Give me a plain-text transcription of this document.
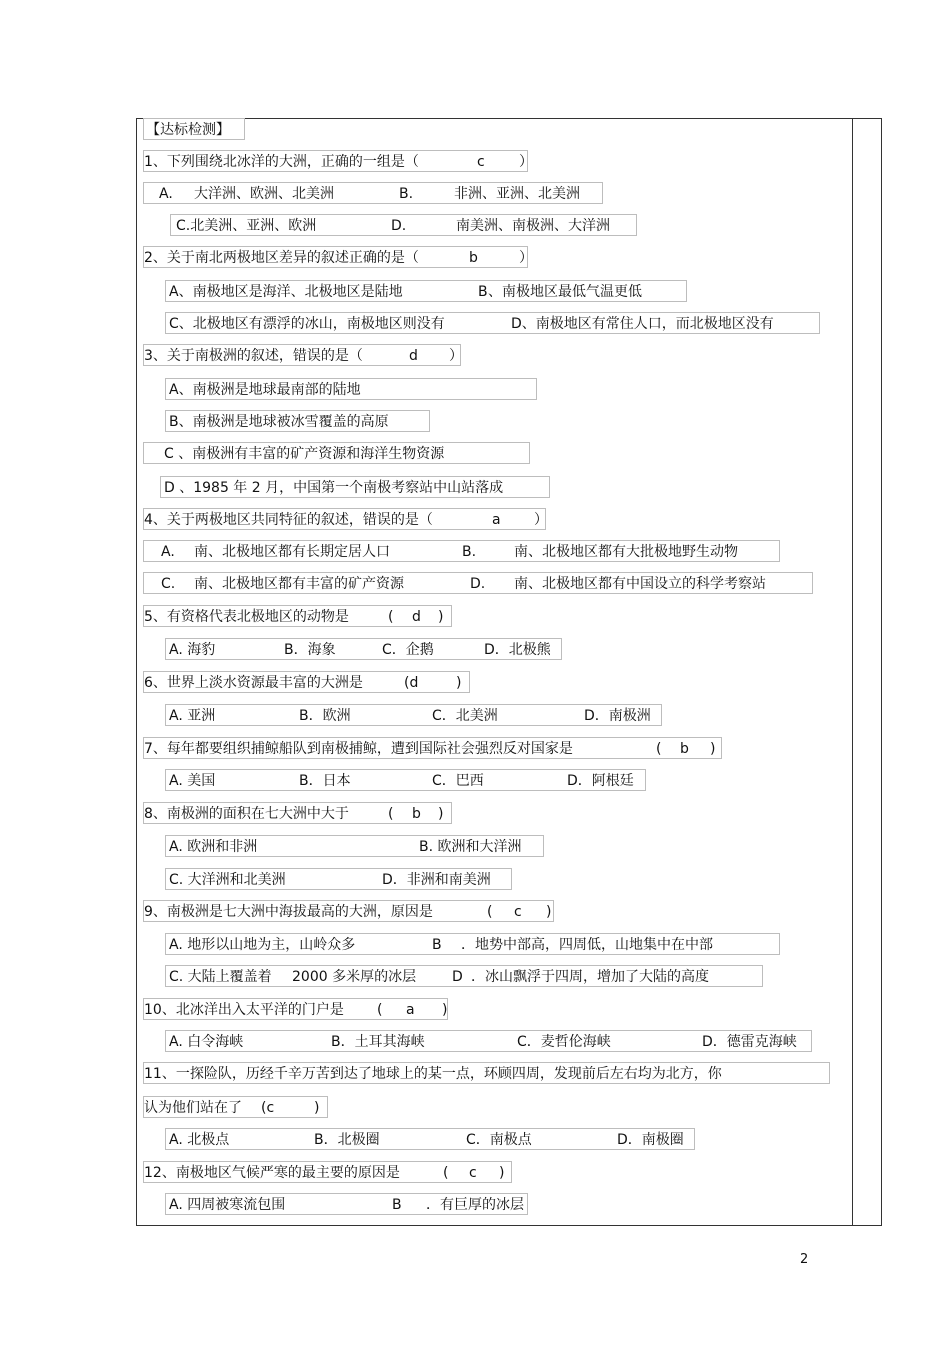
【达标检测】
1、下列围绕北冰洋的大洲，正确的一组是（	c ）
A. 大洋洲、欧洲、北美洲	B.	非洲、亚洲、北美洲
C.北美洲、亚洲、欧洲	D.	南美洲、南极洲、大洋洲
2、关于南北两极地区差异的叙述正确的是（	b	）
A、南极地区是海洋、北极地区是陆地	B 、南极地区最低气温更低
C、北极地区有漂浮的冰山，南极地区则没有	D、南极地区有常住人口，而北极地区没有
3、关于南极洲的叙述，错误的是（	d ）
A、南极洲是地球最南部的陆地
B、南极洲是地球被冰雪覆盖的高原
C 、南极洲有丰富的矿产资源和海洋生物资源
D 、1985 年 2 月，中国第一个南极考察站中山站落成
4、关于两极地区共同特征的叙述，错误的是（	a ）
A. 南、北极地区都有长期定居人口	B.	南、北极地区都有大批极地野生动物
C. 南、北极地区都有丰富的矿产资源	D. 南、北极地区都有中国设立的科学考察站
5、有资格代表北极地区的动物是	( d )
A. 海豹	B．海象	C．企鹅	D．北极熊
6、世界上淡水资源最丰富的大洲是	(d	)
A. 亚洲	B．欧洲	C．北美洲	D．南极洲
7、每年都要组织捕鲸船队到南极捕鲸，遭到国际社会强烈反对国家是	( b )
A. 美国	B．日本	C．巴西	D．阿根廷
8、南极洲的面积在七大洲中大于	( b )
A. 欧洲和非洲	B. 欧洲和大洋洲
C. 大洋洲和北美洲	D．非洲和南美洲
9、南极洲是七大洲中海拔最高的大洲，原因是	( c )
A. 地形以山地为主，山岭众多	B ．地势中部高，四周低，山地集中在中部
C. 大陆上覆盖着 2000 多米厚的冰层	D ．冰山飘浮于四周，增加了大陆的高度
10、北冰洋出入太平洋的门户是 ( a )
A. 白令海峡	B．土耳其海峡	C．麦哲伦海峡	D．德雷克海峡
11、一探险队，历经千辛万苦到达了地球上的某一点，环顾四周，发现前后左右均为北方，你
认为他们站在了 (c	)
A. 北极点	B．北极圈	C．南极点	D．南极圈
12、南极地区气候严寒的最主要的原因是	( c )
A. 四周被寒流包围	B ．有巨厚的冰层
2
